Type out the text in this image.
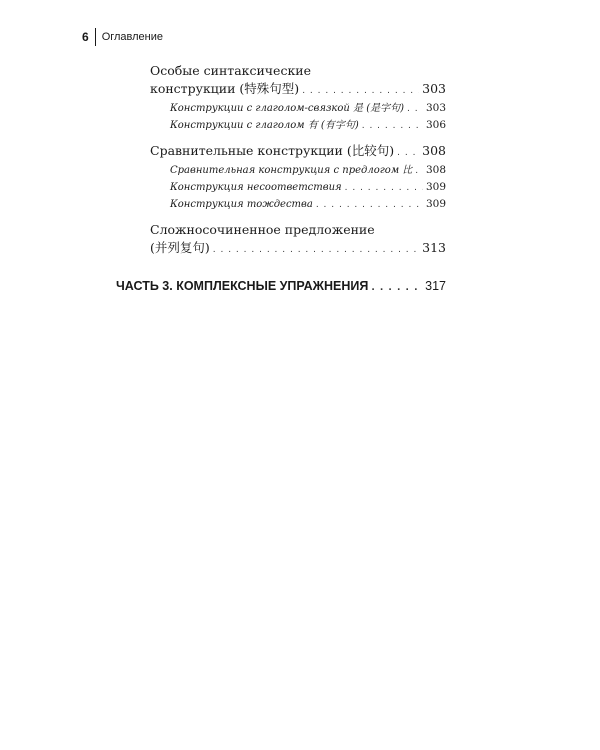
6 Оглавление
Особые синтаксические
конструкции (特殊句型) . . .	303
Конструкции с глаголом-связкой 是 (是字句) . . . 303
Конструкции с глаголом 有 (有字句) . . .	306
Сравнительные конструкции (比较句) . . . 308
Сравнительная конструкция с предлогом 比 . . . 308
Конструкция несоответствия . . .	309
Конструкция тождества . . .	309
Сложносочиненное предложение
(并列复句) . . .	313
ЧАСТЬ 3. КОМПЛЕКСНЫЕ УПРАЖНЕНИЯ . . .	317
